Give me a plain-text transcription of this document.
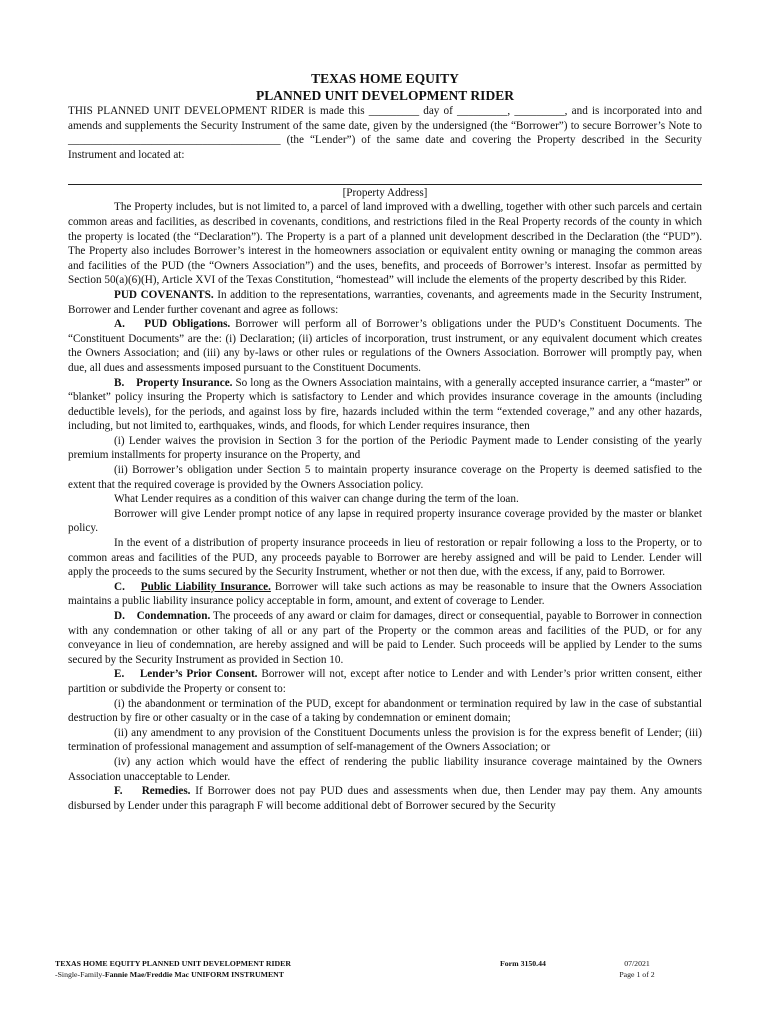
TEXAS HOME EQUITY

PLANNED UNIT DEVELOPMENT RIDER

THIS PLANNED UNIT DEVELOPMENT RIDER is made this _________ day of _________, _________, and is incorporated into and amends and supplements the Security Instrument of the same date, given by the undersigned (the “Borrower”) to secure Borrower’s Note to ______________________________________ (the “Lender”) of the same date and covering the Property described in the Security Instrument and located at:

[Property Address]

The Property includes, but is not limited to, a parcel of land improved with a dwelling, together with other such parcels and certain common areas and facilities, as described in covenants, conditions, and restrictions filed in the Real Property records of the county in which the property is located (the “Declaration”). The Property is a part of a planned unit development described in the Declaration (the “PUD”). The Property also includes Borrower’s interest in the homeowners association or equivalent entity owning or managing the common areas and facilities of the PUD (the “Owners Association”) and the uses, benefits, and proceeds of Borrower’s interest. Insofar as permitted by Section 50(a)(6)(H), Article XVI of the Texas Constitution, “homestead” will include the elements of the property described by this Rider.

PUD COVENANTS. In addition to the representations, warranties, covenants, and agreements made in the Security Instrument, Borrower and Lender further covenant and agree as follows:

A. PUD Obligations. Borrower will perform all of Borrower’s obligations under the PUD’s Constituent Documents. The “Constituent Documents” are the: (i) Declaration; (ii) articles of incorporation, trust instrument, or any equivalent document which creates the Owners Association; and (iii) any by-laws or other rules or regulations of the Owners Association. Borrower will promptly pay, when due, all dues and assessments imposed pursuant to the Constituent Documents.

B. Property Insurance. So long as the Owners Association maintains, with a generally accepted insurance carrier, a “master” or “blanket” policy insuring the Property which is satisfactory to Lender and which provides insurance coverage in the amounts (including deductible levels), for the periods, and against loss by fire, hazards included within the term “extended coverage,” and any other hazards, including, but not limited to, earthquakes, winds, and floods, for which Lender requires insurance, then

(i) Lender waives the provision in Section 3 for the portion of the Periodic Payment made to Lender consisting of the yearly premium installments for property insurance on the Property, and

(ii) Borrower’s obligation under Section 5 to maintain property insurance coverage on the Property is deemed satisfied to the extent that the required coverage is provided by the Owners Association policy.

What Lender requires as a condition of this waiver can change during the term of the loan.

Borrower will give Lender prompt notice of any lapse in required property insurance coverage provided by the master or blanket policy.

In the event of a distribution of property insurance proceeds in lieu of restoration or repair following a loss to the Property, or to common areas and facilities of the PUD, any proceeds payable to Borrower are hereby assigned and will be paid to Lender. Lender will apply the proceeds to the sums secured by the Security Instrument, whether or not then due, with the excess, if any, paid to Borrower.

C. Public Liability Insurance. Borrower will take such actions as may be reasonable to insure that the Owners Association maintains a public liability insurance policy acceptable in form, amount, and extent of coverage to Lender.

D. Condemnation. The proceeds of any award or claim for damages, direct or consequential, payable to Borrower in connection with any condemnation or other taking of all or any part of the Property or the common areas and facilities of the PUD, or for any conveyance in lieu of condemnation, are hereby assigned and will be paid to Lender. Such proceeds will be applied by Lender to the sums secured by the Security Instrument as provided in Section 10.

E. Lender’s Prior Consent. Borrower will not, except after notice to Lender and with Lender’s prior written consent, either partition or subdivide the Property or consent to:

(i) the abandonment or termination of the PUD, except for abandonment or termination required by law in the case of substantial destruction by fire or other casualty or in the case of a taking by condemnation or eminent domain;

(ii) any amendment to any provision of the Constituent Documents unless the provision is for the express benefit of Lender; (iii) termination of professional management and assumption of self-management of the Owners Association; or

(iv) any action which would have the effect of rendering the public liability insurance coverage maintained by the Owners Association unacceptable to Lender.

F. Remedies. If Borrower does not pay PUD dues and assessments when due, then Lender may pay them. Any amounts disbursed by Lender under this paragraph F will become additional debt of Borrower secured by the Security

TEXAS HOME EQUITY PLANNED UNIT DEVELOPMENT RIDER
-Single-Family-Fannie Mae/Freddie Mac UNIFORM INSTRUMENT
Form 3150.44	07/2021
Page 1 of 2
